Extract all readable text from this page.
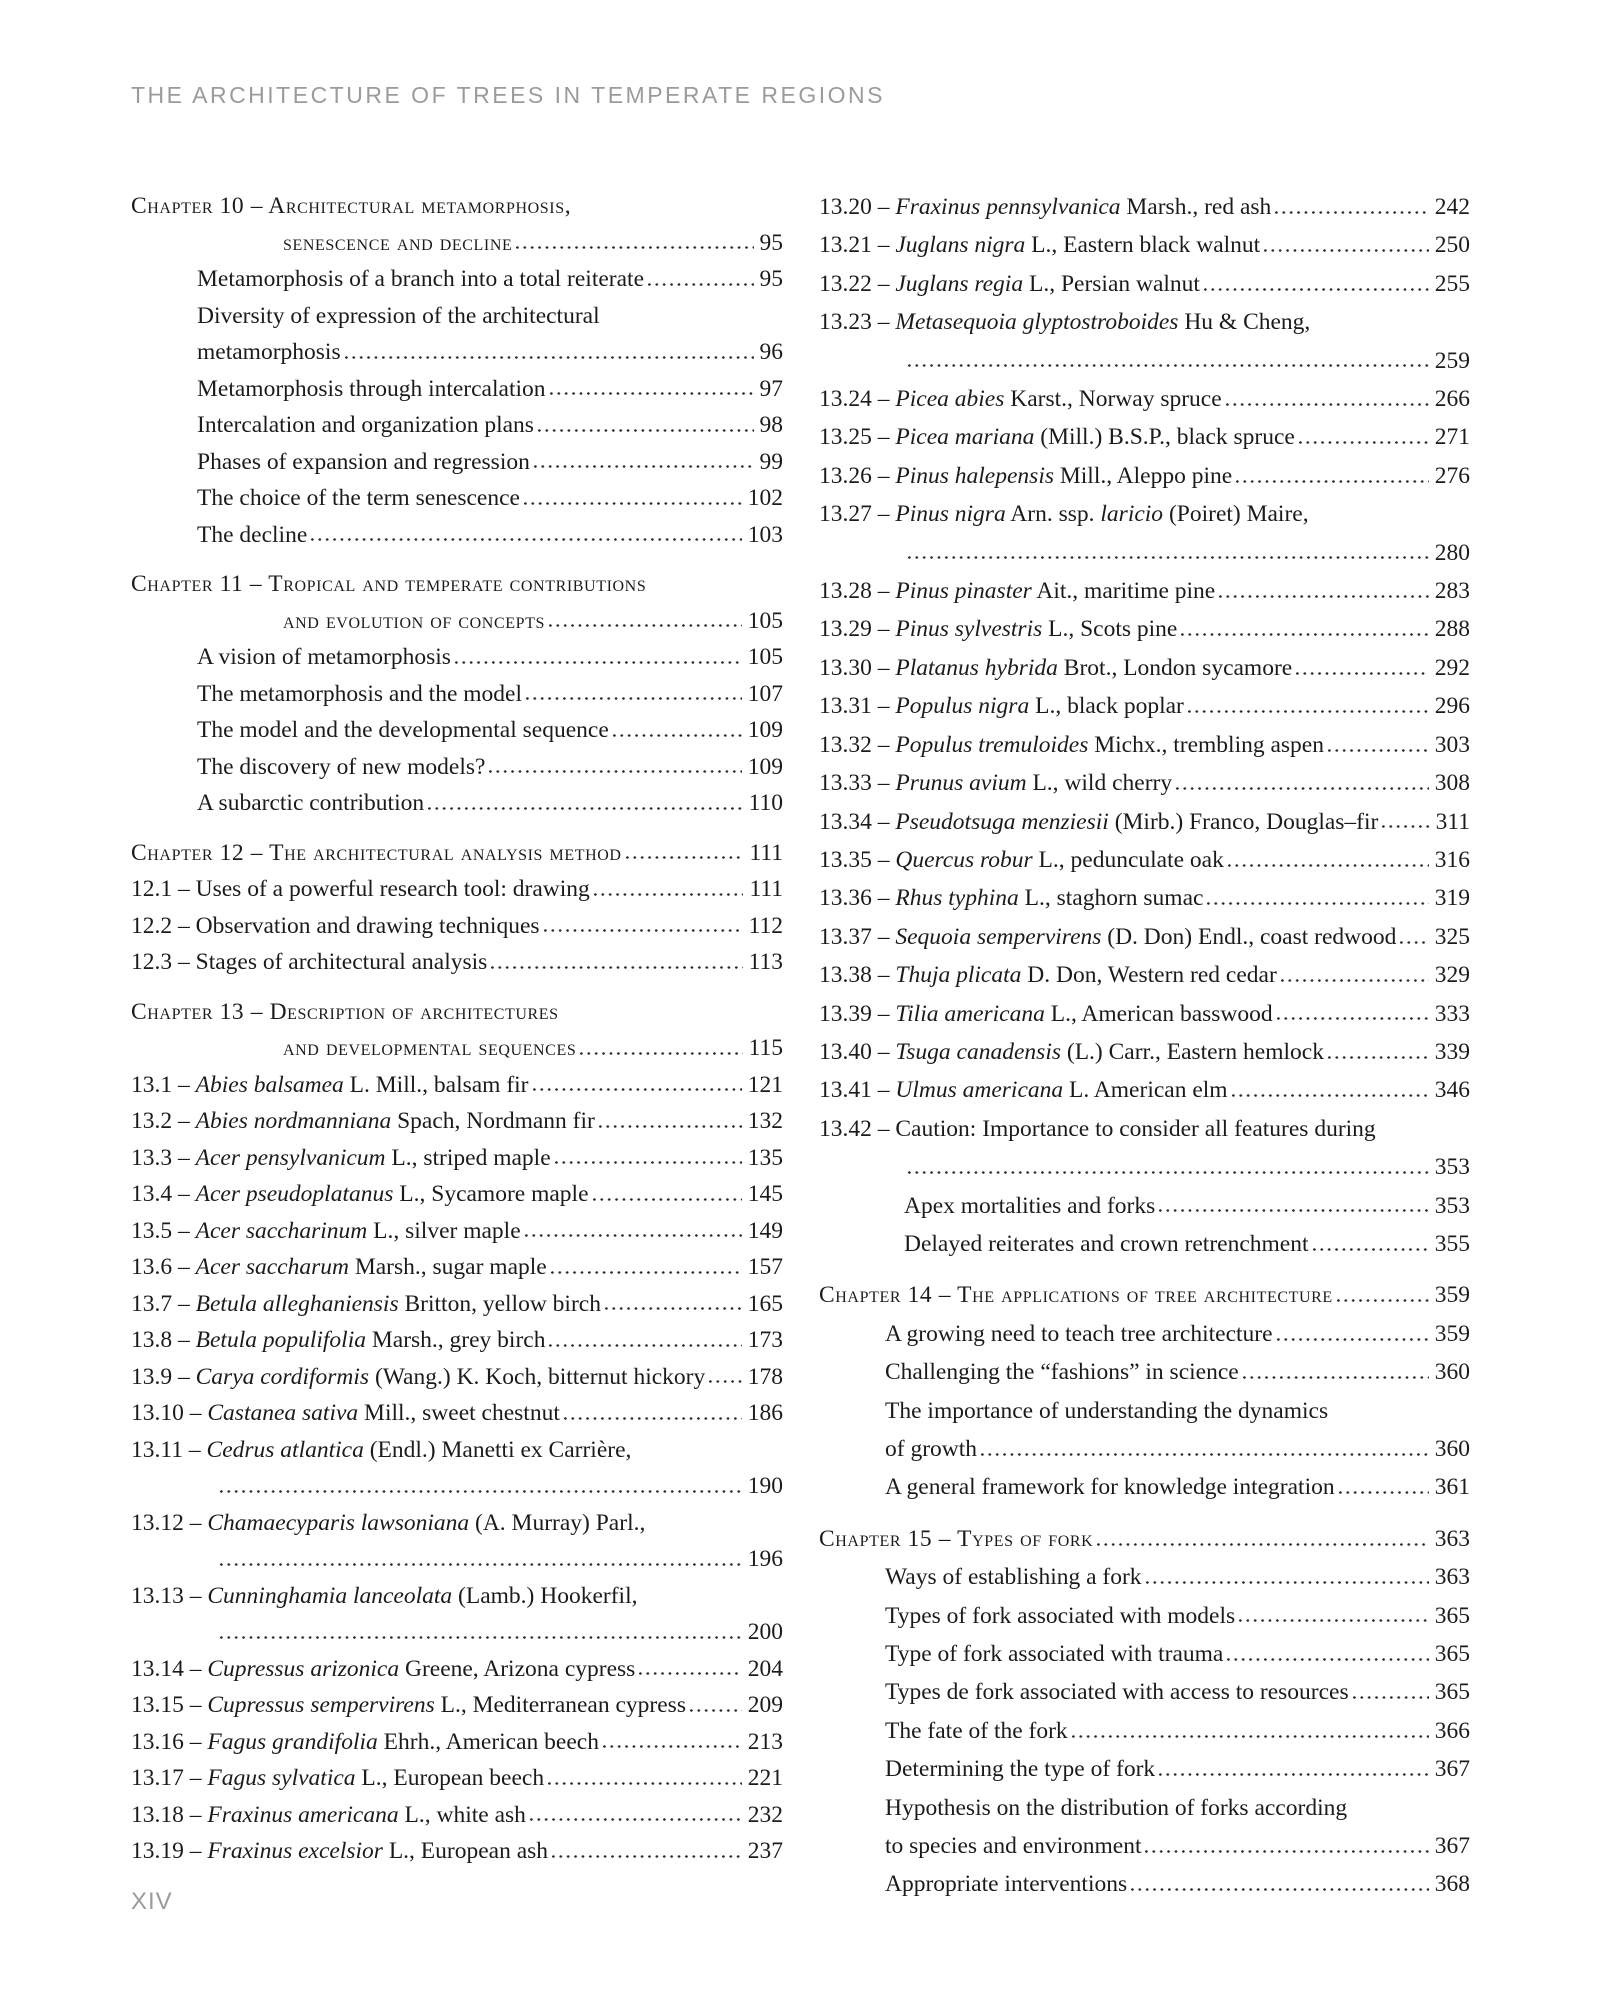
THE ARCHITECTURE OF TREES IN TEMPERATE REGIONS
Chapter 10 – Architectural metamorphosis,
senescence and decline	95
Metamorphosis of a branch into a total reiterate	95
Diversity of expression of the architectural
metamorphosis	96
Metamorphosis through intercalation	97
Intercalation and organization plans	98
Phases of expansion and regression	99
The choice of the term senescence	102
The decline	103
Chapter 11 – Tropical and temperate contributions
and evolution of concepts	105
A vision of metamorphosis	105
The metamorphosis and the model	107
The model and the developmental sequence	109
The discovery of new models?	109
A subarctic contribution	110
Chapter 12 – The architectural analysis method	111
12.1 – Uses of a powerful research tool: drawing	111
12.2 – Observation and drawing techniques	112
12.3 – Stages of architectural analysis	113
Chapter 13 – Description of architectures
and developmental sequences	115
13.1 – Abies balsamea L. Mill., balsam fir	121
13.2 – Abies nordmanniana Spach, Nordmann fir	132
13.3 – Acer pensylvanicum L., striped maple	135
13.4 – Acer pseudoplatanus L., Sycamore maple	145
13.5 – Acer saccharinum L., silver maple	149
13.6 – Acer saccharum Marsh., sugar maple	157
13.7 – Betula alleghaniensis Britton, yellow birch	165
13.8 – Betula populifolia Marsh., grey birch	173
13.9 – Carya cordiformis (Wang.) K. Koch, bitternut hickory 178
13.10 – Castanea sativa Mill., sweet chestnut	186
13.11 – Cedrus atlantica (Endl.) Manetti ex Carrière,
190
13.12 – Chamaecyparis lawsoniana (A. Murray) Parl.,
196
13.13 – Cunninghamia lanceolata (Lamb.) Hookerfil,
200
13.14 – Cupressus arizonica Greene, Arizona cypress	204
13.15 – Cupressus sempervirens L., Mediterranean cypress	209
13.16 – Fagus grandifolia Ehrh., American beech	213
13.17 – Fagus sylvatica L., European beech	221
13.18 – Fraxinus americana L., white ash	232
13.19 – Fraxinus excelsior L., European ash	237
13.20 – Fraxinus pennsylvanica Marsh., red ash	242
13.21 – Juglans nigra L., Eastern black walnut	250
13.22 – Juglans regia L., Persian walnut	255
13.23 – Metasequoia glyptostroboides Hu & Cheng,
259
13.24 – Picea abies Karst., Norway spruce	266
13.25 – Picea mariana (Mill.) B.S.P., black spruce	271
13.26 – Pinus halepensis Mill., Aleppo pine	276
13.27 – Pinus nigra Arn. ssp. laricio (Poiret) Maire,
280
13.28 – Pinus pinaster Ait., maritime pine	283
13.29 – Pinus sylvestris L., Scots pine	288
13.30 – Platanus hybrida Brot., London sycamore	292
13.31 – Populus nigra L., black poplar	296
13.32 – Populus tremuloides Michx., trembling aspen	303
13.33 – Prunus avium L., wild cherry	308
13.34 – Pseudotsuga menziesii (Mirb.) Franco, Douglas–fir 311
13.35 – Quercus robur L., pedunculate oak	316
13.36 – Rhus typhina L., staghorn sumac	319
13.37 – Sequoia sempervirens (D. Don) Endl., coast redwood 325
13.38 – Thuja plicata D. Don, Western red cedar	329
13.39 – Tilia americana L., American basswood	333
13.40 – Tsuga canadensis (L.) Carr., Eastern hemlock	339
13.41 – Ulmus americana L. American elm	346
13.42 – Caution: Importance to consider all features during
353
Apex mortalities and forks	353
Delayed reiterates and crown retrenchment	355
Chapter 14 – The applications of tree architecture	359
A growing need to teach tree architecture	359
Challenging the “fashions” in science	360
The importance of understanding the dynamics
of growth	360
A general framework for knowledge integration	361
Chapter 15 – Types of fork	363
Ways of establishing a fork	363
Types of fork associated with models	365
Type of fork associated with trauma	365
Types de fork associated with access to resources	365
The fate of the fork	366
Determining the type of fork	367
Hypothesis on the distribution of forks according
to species and environment	367
Appropriate interventions	368
XIV
